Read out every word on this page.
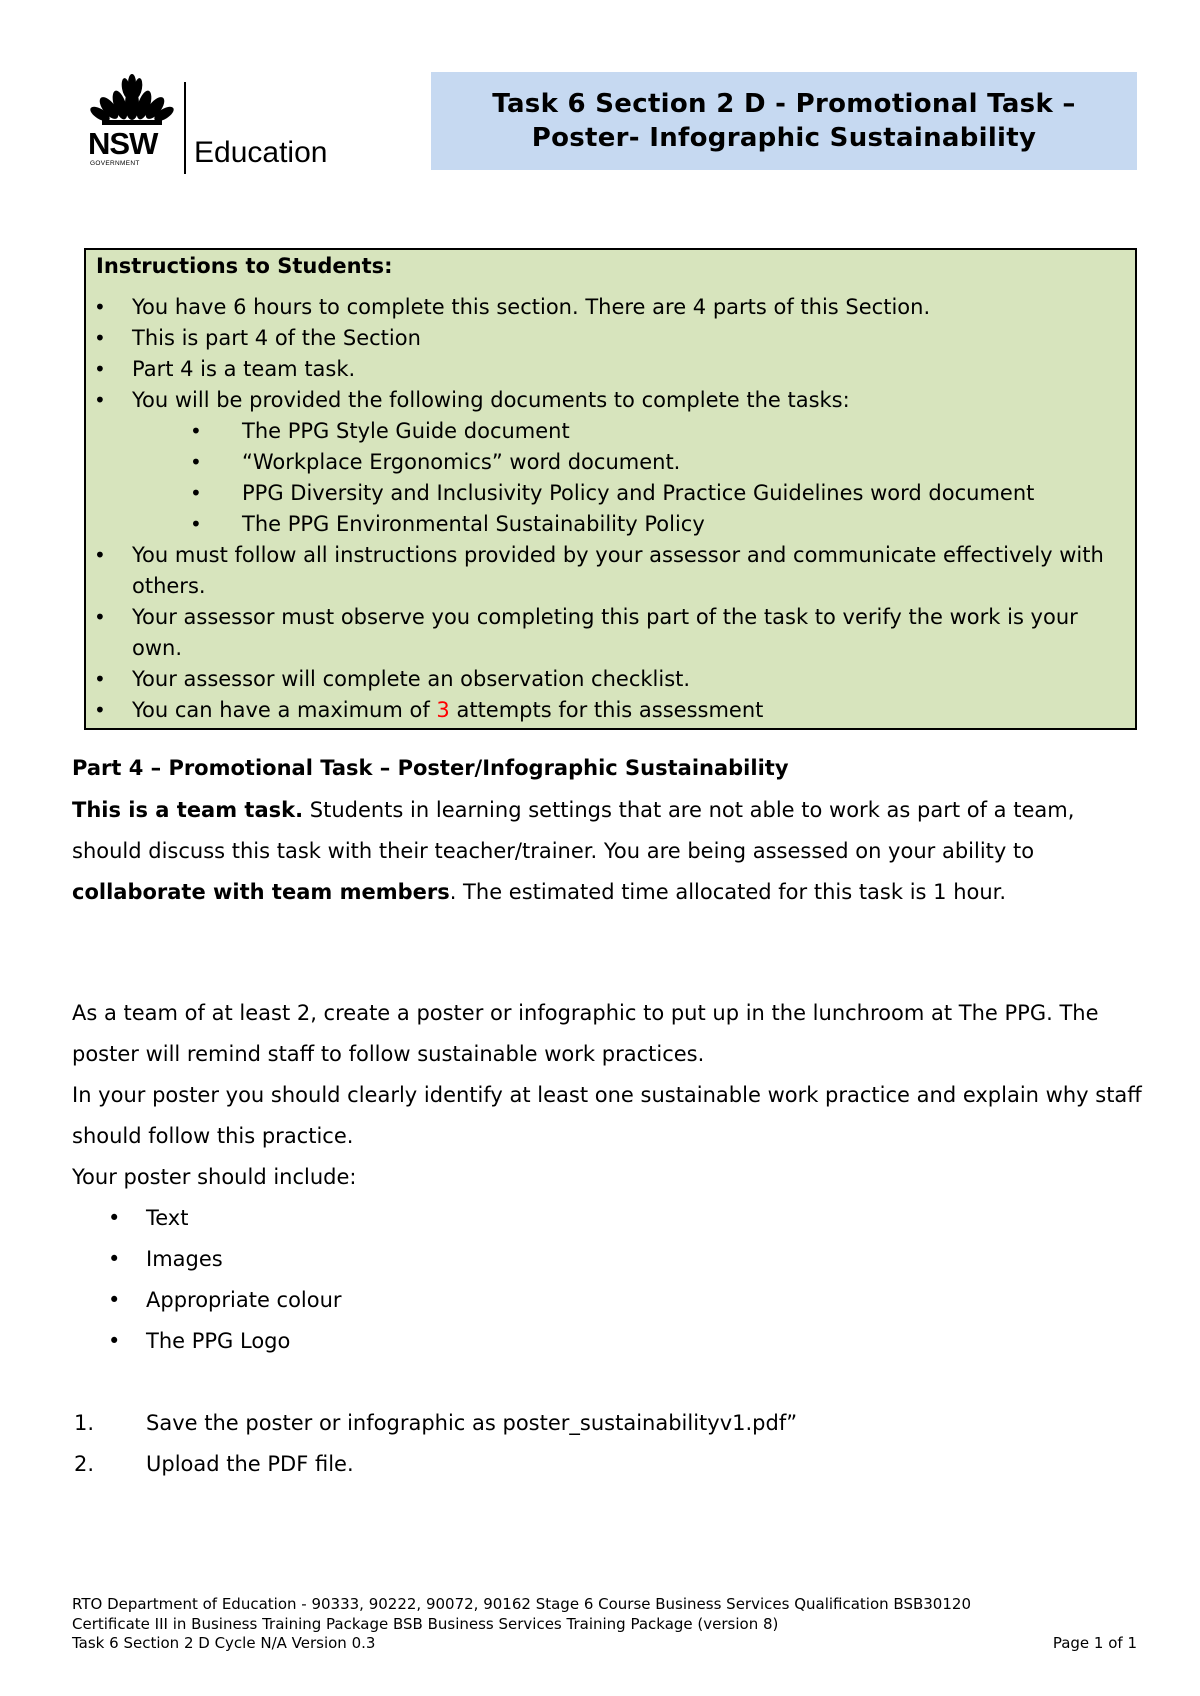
NSW
GOVERNMENT Education
Task 6 Section 2 D - Promotional Task –
Poster- Infographic Sustainability
Instructions to Students:
• You have 6 hours to complete this section. There are 4 parts of this Section.
• This is part 4 of the Section
• Part 4 is a team task.
• You will be provided the following documents to complete the tasks:
• The PPG Style Guide document
• “Workplace Ergonomics” word document.
• PPG Diversity and Inclusivity Policy and Practice Guidelines word document
• The PPG Environmental Sustainability Policy
• You must follow all instructions provided by your assessor and communicate effectively with others.
• Your assessor must observe you completing this part of the task to verify the work is your own.
• Your assessor will complete an observation checklist.
• You can have a maximum of 3 attempts for this assessment
Part 4 – Promotional Task – Poster/Infographic Sustainability

This is a team task. Students in learning settings that are not able to work as part of a team, should discuss this task with their teacher/trainer. You are being assessed on your ability to collaborate with team members. The estimated time allocated for this task is 1 hour.

As a team of at least 2, create a poster or infographic to put up in the lunchroom at The PPG. The poster will remind staff to follow sustainable work practices.

In your poster you should clearly identify at least one sustainable work practice and explain why staff should follow this practice.

Your poster should include:

• Text
• Images
• Appropriate colour
• The PPG Logo
1. Save the poster or infographic as poster_sustainabilityv1.pdf”
2. Upload the PDF file.
RTO Department of Education - 90333, 90222, 90072, 90162 Stage 6 Course Business Services Qualification BSB30120
Certificate III in Business Training Package BSB Business Services Training Package (version 8)
Task 6 Section 2 D Cycle N/A Version 0.3	Page 1 of 1
